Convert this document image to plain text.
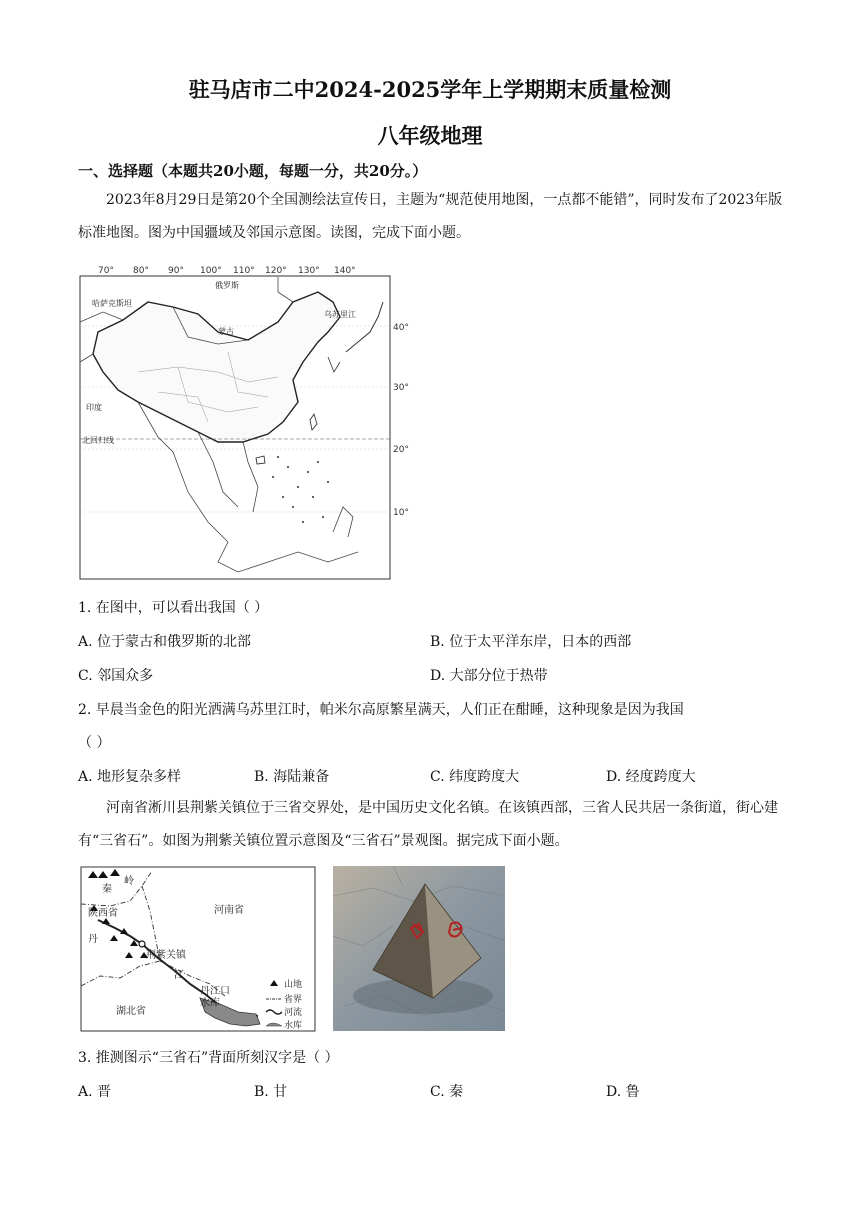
驻马店市二中2024-2025学年上学期期末质量检测
八年级地理
一、选择题（本题共20小题，每题一分，共20分。）
2023年8月29日是第20个全国测绘法宣传日，主题为“规范使用地图，一点都不能错”，同时发布了2023年版标准地图。图为中国疆域及邻国示意图。读图，完成下面小题。
70° 80° 90° 100° 110° 120° 130° 140°
40°
30°
20°
10°
俄罗斯
哈萨克斯坦
蒙古
印度
北回归线
乌苏里江
1. 在图中，可以看出我国（ ）
A. 位于蒙古和俄罗斯的北部	B. 位于太平洋东岸，日本的西部
C. 邻国众多	D. 大部分位于热带
2. 早晨当金色的阳光洒满乌苏里江时，帕米尔高原繁星满天，人们正在酣睡，这种现象是因为我国
（ ）
A. 地形复杂多样	B. 海陆兼备	C. 纬度跨度大	D. 经度跨度大
河南省淅川县荆紫关镇位于三省交界处，是中国历史文化名镇。在该镇西部，三省人民共居一条街道，街心建有“三省石”。如图为荆紫关镇位置示意图及“三省石”景观图。据完成下面小题。
河南省
陕西省
湖北省
秦
岭
丹
江
荆紫关镇
丹江口
水库
山地
省界
河流
水库
3. 推测图示“三省石”背面所刻汉字是（ ）
A. 晋	B. 甘	C. 秦	D. 鲁
